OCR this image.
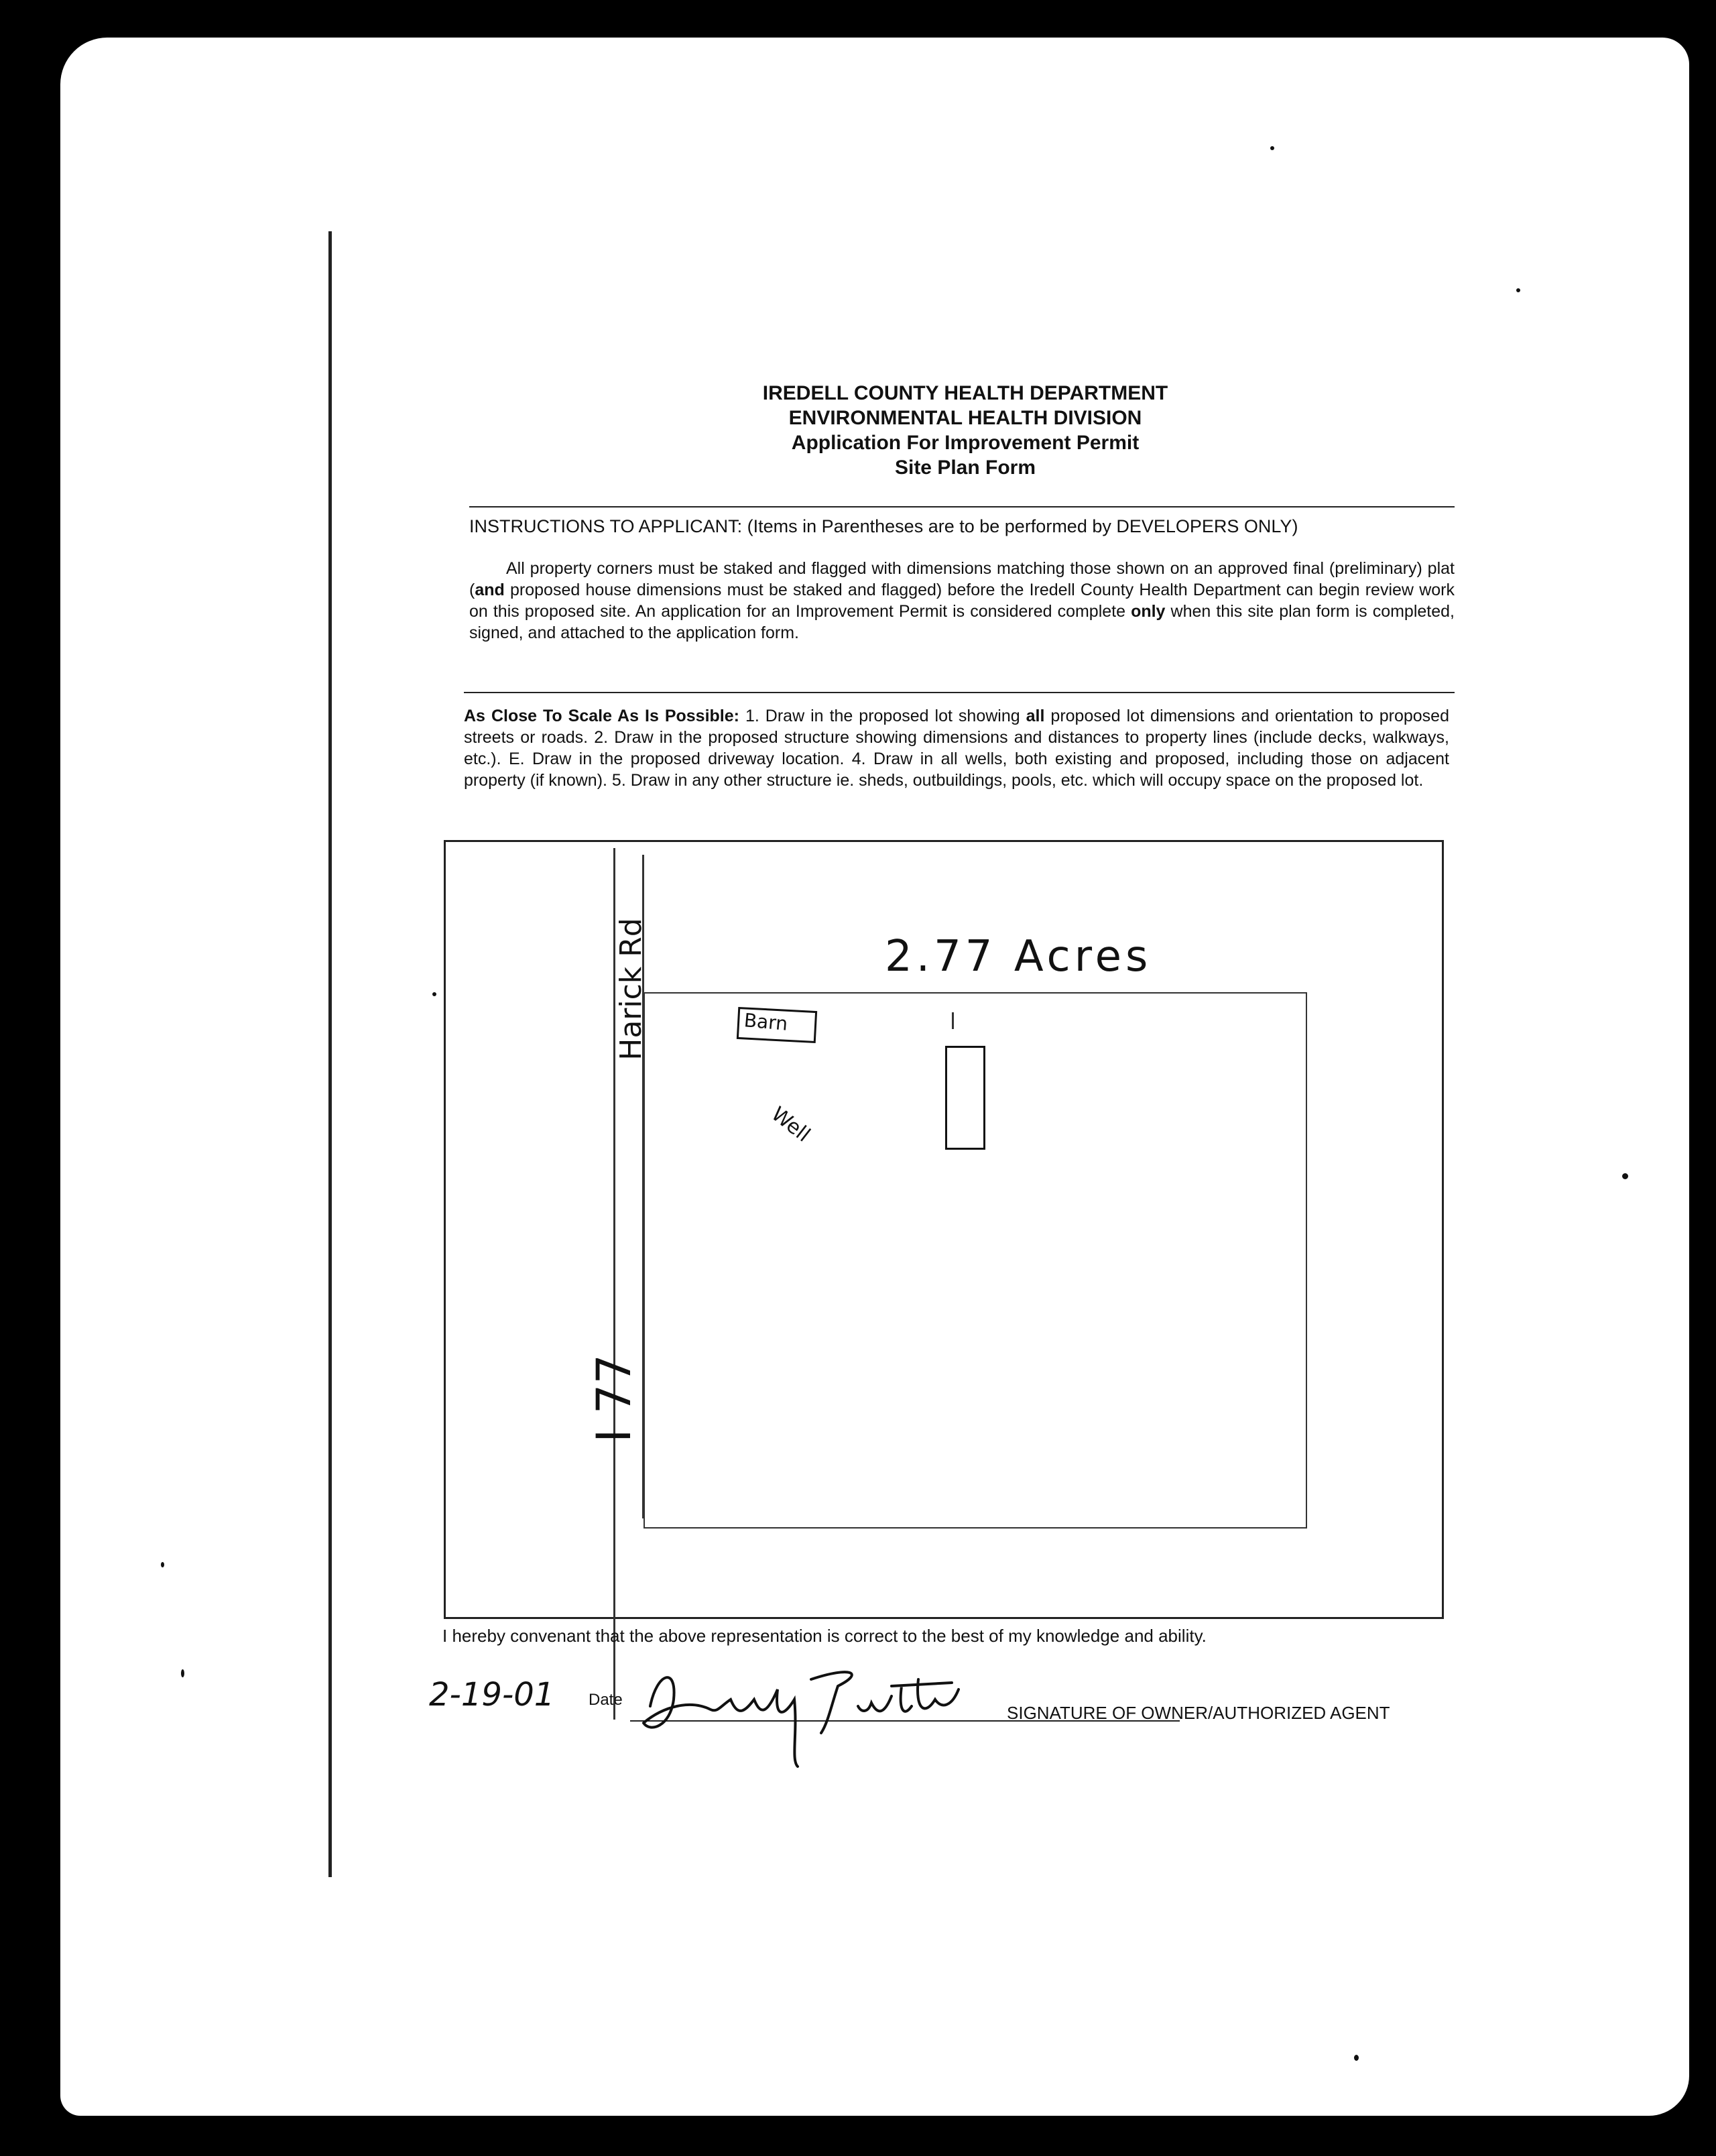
IREDELL COUNTY HEALTH DEPARTMENT
ENVIRONMENTAL HEALTH DIVISION
Application For Improvement Permit
Site Plan Form
INSTRUCTIONS TO APPLICANT: (Items in Parentheses are to be performed by DEVELOPERS ONLY)
All property corners must be staked and flagged with dimensions matching those shown on an approved final (preliminary) plat (and proposed house dimensions must be staked and flagged) before the Iredell County Health Department can begin review work on this proposed site. An application for an Improvement Permit is considered complete only when this site plan form is completed, signed, and attached to the application form.
As Close To Scale As Is Possible: 1. Draw in the proposed lot showing all proposed lot dimensions and orientation to proposed streets or roads. 2. Draw in the proposed structure showing dimensions and distances to property lines (include decks, walkways, etc.). E. Draw in the proposed driveway location. 4. Draw in all wells, both existing and proposed, including those on adjacent property (if known). 5. Draw in any other structure ie. sheds, outbuildings, pools, etc. which will occupy space on the proposed lot.
2.77 Acres
Barn
Well
Harick Rd
I 77
I hereby convenant that the above representation is correct to the best of my knowledge and ability.
2-19-01 Date
SIGNATURE OF OWNER/AUTHORIZED AGENT
